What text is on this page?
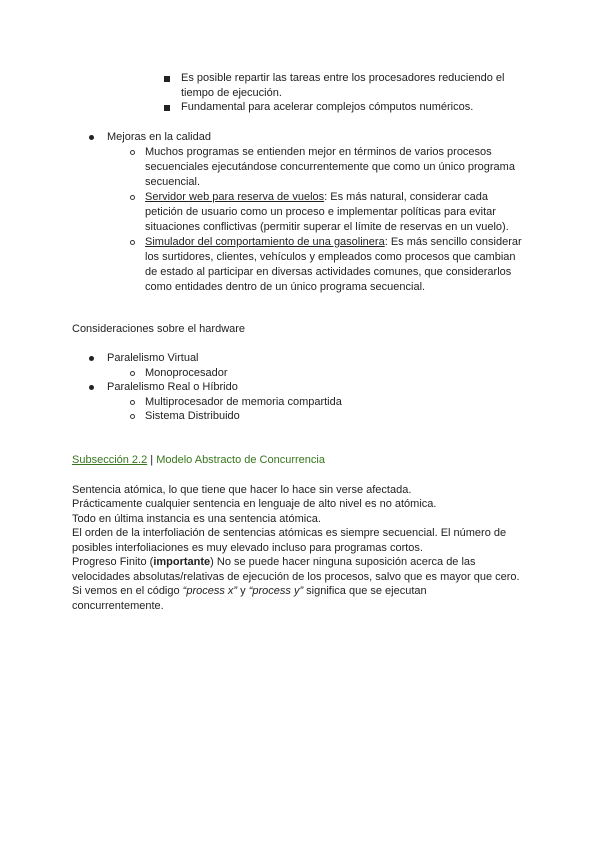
Es posible repartir las tareas entre los procesadores reduciendo el
tiempo de ejecución.
Fundamental para acelerar complejos cómputos numéricos.
Mejoras en la calidad
Muchos programas se entienden mejor en términos de varios procesos
secuenciales ejecutándose concurrentemente que como un único programa
secuencial.
Servidor web para reserva de vuelos: Es más natural, considerar cada
petición de usuario como un proceso e implementar políticas para evitar
situaciones conflictivas (permitir superar el límite de reservas en un vuelo).
Simulador del comportamiento de una gasolinera: Es más sencillo considerar
los surtidores, clientes, vehículos y empleados como procesos que cambian
de estado al participar en diversas actividades comunes, que considerarlos
como entidades dentro de un único programa secuencial.
Consideraciones sobre el hardware
Paralelismo Virtual
Monoprocesador
Paralelismo Real o Híbrido
Multiprocesador de memoria compartida
Sistema Distribuido
Subsección 2.2 | Modelo Abstracto de Concurrencia
Sentencia atómica, lo que tiene que hacer lo hace sin verse afectada.
Prácticamente cualquier sentencia en lenguaje de alto nivel es no atómica.
Todo en última instancia es una sentencia atómica.
El orden de la interfoliación de sentencias atómicas es siempre secuencial. El número de
posibles interfoliaciones es muy elevado incluso para programas cortos.
Progreso Finito (importante) No se puede hacer ninguna suposición acerca de las
velocidades absolutas/relativas de ejecución de los procesos, salvo que es mayor que cero.
Si vemos en el código “process x” y “process y” significa que se ejecutan
concurrentemente.
